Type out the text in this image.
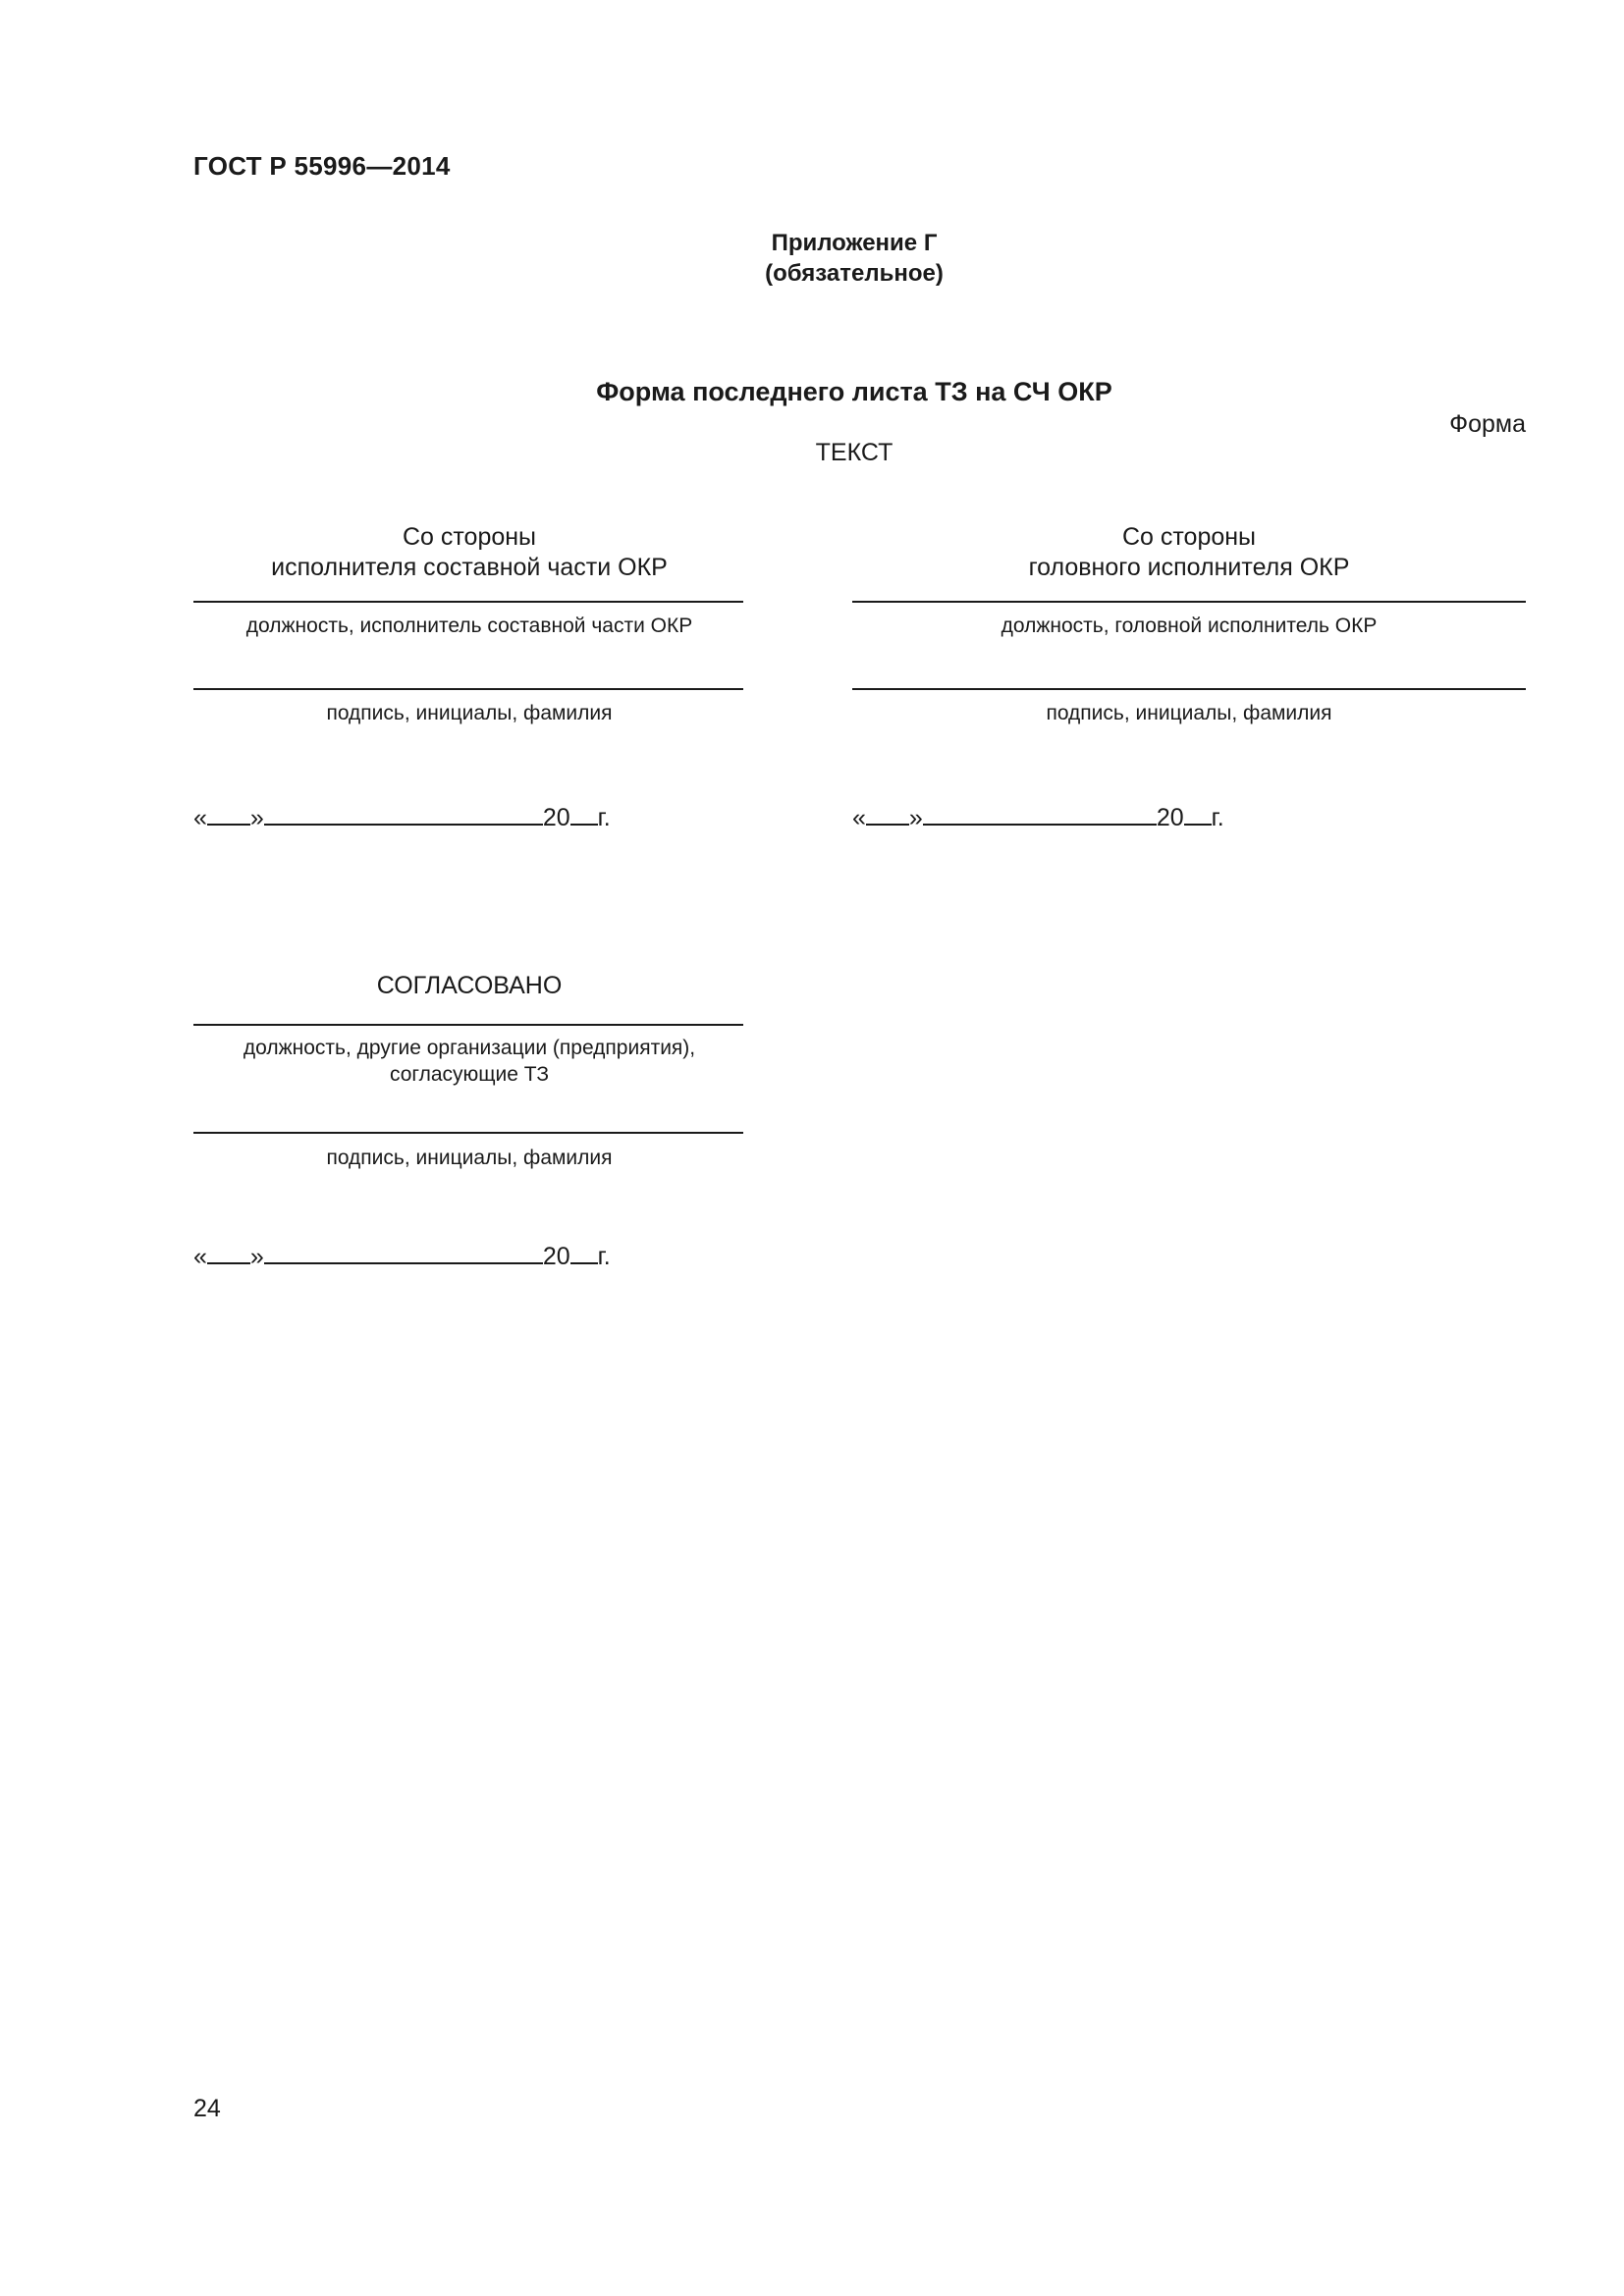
ГОСТ Р 55996—2014
Приложение Г
(обязательное)
Форма последнего листа ТЗ на СЧ ОКР
Форма
ТЕКСТ
Со стороны
исполнителя составной части ОКР
должность, исполнитель составной части ОКР
подпись, инициалы, фамилия
« »	20 г.
Со стороны
головного исполнителя ОКР
должность, головной исполнитель ОКР
подпись, инициалы, фамилия
« »	20 г.
СОГЛАСОВАНО
должность, другие организации (предприятия),
согласующие ТЗ
подпись, инициалы, фамилия
« »	20 г.
24
